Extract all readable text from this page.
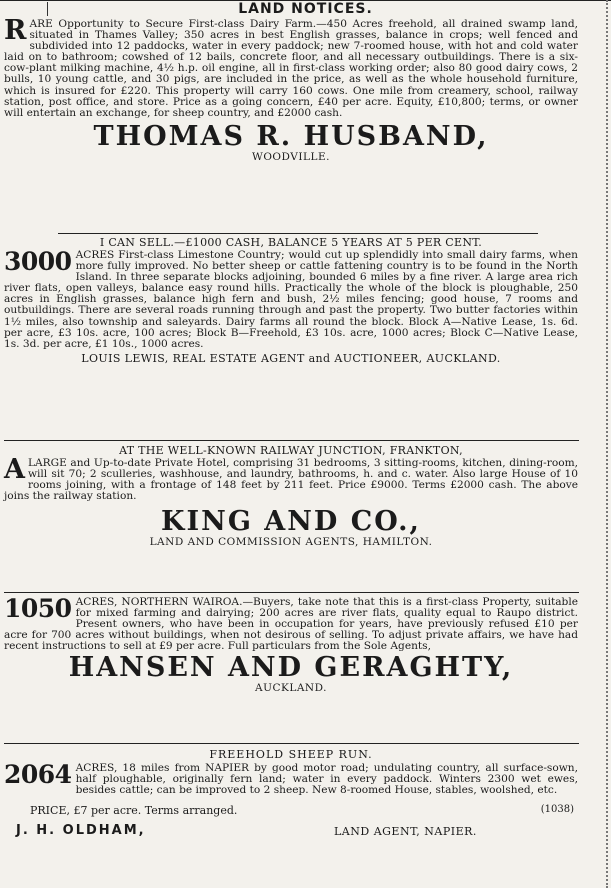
LAND NOTICES.
RARE Opportunity to Secure First-class Dairy Farm.—450 Acres freehold, all drained swamp land, situated in Thames Valley; 350 acres in best English grasses, balance in crops; well fenced and subdivided into 12 paddocks, water in every paddock; new 7-roomed house, with hot and cold water laid on to bathroom; cowshed of 12 bails, concrete floor, and all necessary outbuildings. There is a six-cow-plant milking machine, 4½ h.p. oil engine, all in first-class working order; also 80 good dairy cows, 2 bulls, 10 young cattle, and 30 pigs, are included in the price, as well as the whole household furniture, which is insured for £220. This property will carry 160 cows. One mile from creamery, school, railway station, post office, and store. Price as a going concern, £40 per acre. Equity, £10,800; terms, or owner will entertain an exchange, for sheep country, and £2000 cash.

THOMAS R. HUSBAND,

WOODVILLE.

I CAN SELL.—£1000 CASH, BALANCE 5 YEARS AT 5 PER CENT.

3000 ACRES First-class Limestone Country; would cut up splendidly into small dairy farms, when more fully improved. No better sheep or cattle fattening country is to be found in the North Island. In three separate blocks adjoining, bounded 6 miles by a fine river. A large area rich river flats, open valleys, balance easy round hills. Practically the whole of the block is ploughable, 250 acres in English grasses, balance high fern and bush, 2½ miles fencing; good house, 7 rooms and outbuildings. There are several roads running through and past the property. Two butter factories within 1½ miles, also township and saleyards. Dairy farms all round the block. Block A—Native Lease, 1s. 6d. per acre, £3 10s. acre, 100 acres; Block B—Freehold, £3 10s. acre, 1000 acres; Block C—Native Lease, 1s. 3d. per acre, £1 10s., 1000 acres.

LOUIS LEWIS, REAL ESTATE AGENT and AUCTIONEER, AUCKLAND.

AT THE WELL-KNOWN RAILWAY JUNCTION, FRANKTON,

ALARGE and Up-to-date Private Hotel, comprising 31 bedrooms, 3 sitting-rooms, kitchen, dining-room, will sit 70; 2 sculleries, washhouse, and laundry, bathrooms, h. and c. water. Also large House of 10 rooms joining, with a frontage of 148 feet by 211 feet. Price £9000. Terms £2000 cash. The above joins the railway station.

KING AND CO.,

LAND AND COMMISSION AGENTS, HAMILTON.

1050 ACRES, NORTHERN WAIROA.—Buyers, take note that this is a first-class Property, suitable for mixed farming and dairying; 200 acres are river flats, quality equal to Raupo district. Present owners, who have been in occupation for years, have previously refused £10 per acre for 700 acres without buildings, when not desirous of selling. To adjust private affairs, we have had recent instructions to sell at £9 per acre. Full particulars from the Sole Agents,

HANSEN AND GERAGHTY,

AUCKLAND.

FREEHOLD SHEEP RUN.

2064 ACRES, 18 miles from NAPIER by good motor road; undulating country, all surface-sown, half ploughable, originally fern land; water in every paddock. Winters 2300 wet ewes, besides cattle; can be improved to 2 sheep. New 8-roomed House, stables, woolshed, etc.
PRICE, £7 per acre. Terms arranged.	(1038)
J. H. OLDHAM,	LAND AGENT, NAPIER.
